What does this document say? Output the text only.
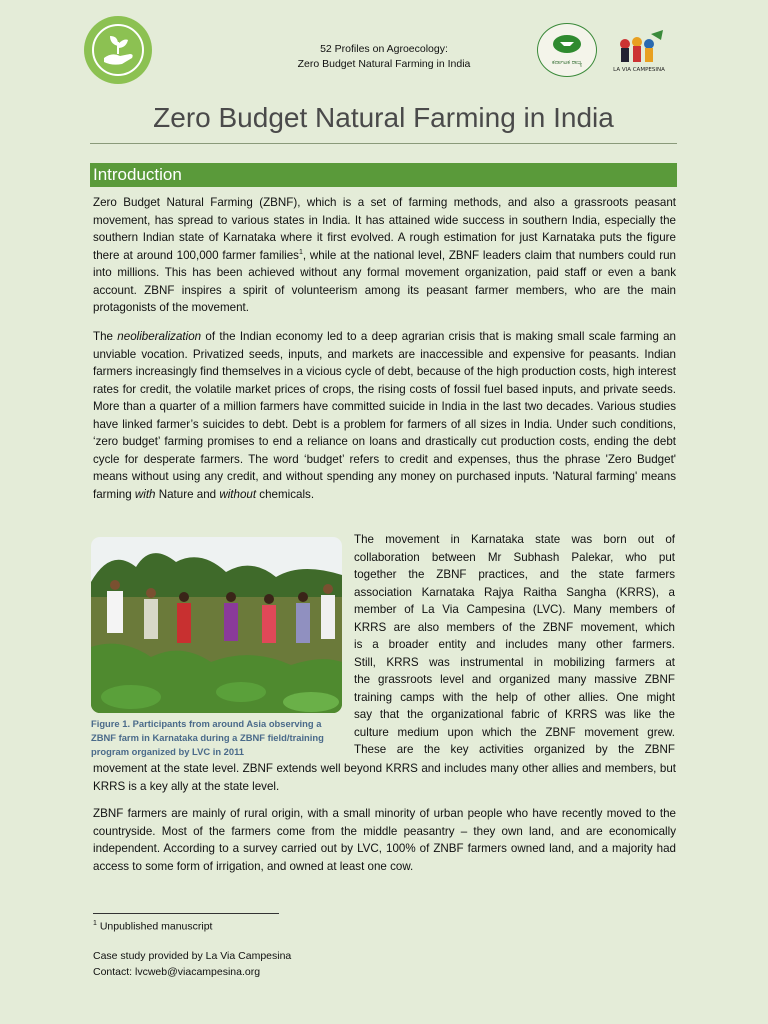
52 Profiles on Agroecology:
Zero Budget Natural Farming in India	ಕರ್ನಾಟಕ ರಾಜ್ಯ
LA VIA CAMPESINA
Zero Budget Natural Farming in India
Introduction

Zero Budget Natural Farming (ZBNF), which is a set of farming methods, and also a grassroots peasant movement, has spread to various states in India. It has attained wide success in southern India, especially the southern Indian state of Karnataka where it first evolved. A rough estimation for just Karnataka puts the figure there at around 100,000 farmer families$^1$, while at the national level, ZBNF leaders claim that numbers could run into millions. This has been achieved without any formal movement organization, paid staff or even a bank account. ZBNF inspires a spirit of volunteerism among its peasant farmer members, who are the main protagonists of the movement.

The neoliberalization of the Indian economy led to a deep agrarian crisis that is making small scale farming an unviable vocation. Privatized seeds, inputs, and markets are inaccessible and expensive for peasants. Indian farmers increasingly find themselves in a vicious cycle of debt, because of the high production costs, high interest rates for credit, the volatile market prices of crops, the rising costs of fossil fuel based inputs, and private seeds. More than a quarter of a million farmers have committed suicide in India in the last two decades. Various studies have linked farmer’s suicides to debt. Debt is a problem for farmers of all sizes in India. Under such conditions, ‘zero budget’ farming promises to end a reliance on loans and drastically cut production costs, ending the debt cycle for desperate farmers. The word ‘budget’ refers to credit and expenses, thus the phrase 'Zero Budget' means without using any credit, and without spending any money on purchased inputs. 'Natural farming' means farming with Nature and without chemicals.

Figure 1. Participants from around Asia observing a ZBNF farm in Karnataka during a ZBNF field/training program organized by LVC in 2011

The movement in Karnataka state was born out of

collaboration between Mr Subhash Palekar, who put

together the ZBNF practices, and the state farmers

association Karnataka Rajya Raitha Sangha (KRRS), a

member of La Via Campesina (LVC). Many members of

KRRS are also members of the ZBNF movement, which

is a broader entity and includes many other farmers.

Still, KRRS was instrumental in mobilizing farmers at

the grassroots level and organized many massive ZBNF

training camps with the help of other allies. One might

say that the organizational fabric of KRRS was like the

culture medium upon which the ZBNF movement grew.

These are the key activities organized by the ZBNF

movement at the state level. ZBNF extends well beyond KRRS and includes many other allies and members, but KRRS is a key ally at the state level.

ZBNF farmers are mainly of rural origin, with a small minority of urban people who have recently moved to the countryside. Most of the farmers come from the middle peasantry – they own land, and are economically independent. According to a survey carried out by LVC, 100% of ZNBF farmers owned land, and a majority had access to some form of irrigation, and owned at least one cow.

$^1$ Unpublished manuscript

Case study provided by La Via Campesina

Contact: lvcweb@viacampesina.org
